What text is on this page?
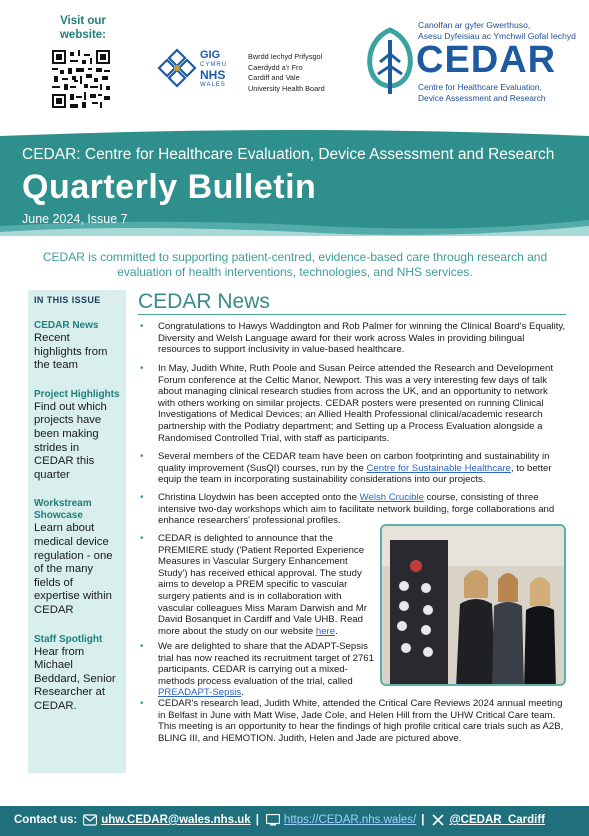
Visit our website:
GIG
CYMRU
NHS
WALES
Bwrdd Iechyd Prifysgol
Caerdydd a'r Fro
Cardiff and Vale
University Health Board
Canolfan ar gyfer Gwerthuso,
Asesu Dyfeisiau ac Ymchwil Gofal Iechyd
CEDAR
Centre for Healthcare Evaluation,
Device Assessment and Research
CEDAR: Centre for Healthcare Evaluation, Device Assessment and Research
Quarterly Bulletin
June 2024, Issue 7
CEDAR is committed to supporting patient-centred, evidence-based care through research and evaluation of health interventions, technologies, and NHS services.
IN THIS ISSUE
CEDAR News
Recent highlights from the team
Project Highlights
Find out which projects have been making strides in CEDAR this quarter
Workstream Showcase
Learn about medical device regulation - one of the many fields of expertise within CEDAR
Staff Spotlight
Hear from Michael Beddard, Senior Researcher at CEDAR.
CEDAR News
•	Congratulations to Hawys Waddington and Rob Palmer for winning the Clinical Board's Equality, Diversity and Welsh Language award for their work across Wales in providing bilingual resources to support inclusivity in value-based healthcare.
•	In May, Judith White, Ruth Poole and Susan Peirce attended the Research and Development Forum conference at the Celtic Manor, Newport. This was a very interesting few days of talk about managing clinical research studies from across the UK, and an opportunity to network with others working on similar projects. CEDAR posters were presented on running Clinical Investigations of Medical Devices; an Allied Health Professional clinical/academic research partnership with the Podiatry department; and Setting up a Process Evaluation alongside a Randomised Controlled Trial, with staff as participants.
•	Several members of the CEDAR team have been on carbon footprinting and sustainability in quality improvement (SusQI) courses, run by the Centre for Sustainable Healthcare, to better equip the team in incorporating sustainability considerations into our projects.
•	Christina Lloydwin has been accepted onto the Welsh Crucible course, consisting of three intensive two-day workshops which aim to facilitate network building, forge collaborations and enhance researchers' professional profiles.
•	CEDAR is delighted to announce that the PREMIERE study ('Patient Reported Experience Measures in Vascular Surgery Enhancement Study') has received ethical approval. The study aims to develop a PREM specific to vascular surgery patients and is in collaboration with vascular colleagues Miss Maram Darwish and Mr David Bosanquet in Cardiff and Vale UHB. Read more about the study on our website here.
•	We are delighted to share that the ADAPT-Sepsis trial has now reached its recruitment target of 2761 participants. CEDAR is carrying out a mixed-methods process evaluation of the trial, called PREADAPT-Sepsis.
•	CEDAR's research lead, Judith White, attended the Critical Care Reviews 2024 annual meeting in Belfast in June with Matt Wise, Jade Cole, and Helen Hill from the UHW Critical Care team. This meeting is an opportunity to hear the findings of high profile critical care trials such as A2B, BLING III, and HEMOTION. Judith, Helen and Jade are pictured above.
Contact us: uhw.CEDAR@wales.nhs.uk | https://CEDAR.nhs.wales/ | @CEDAR_Cardiff
